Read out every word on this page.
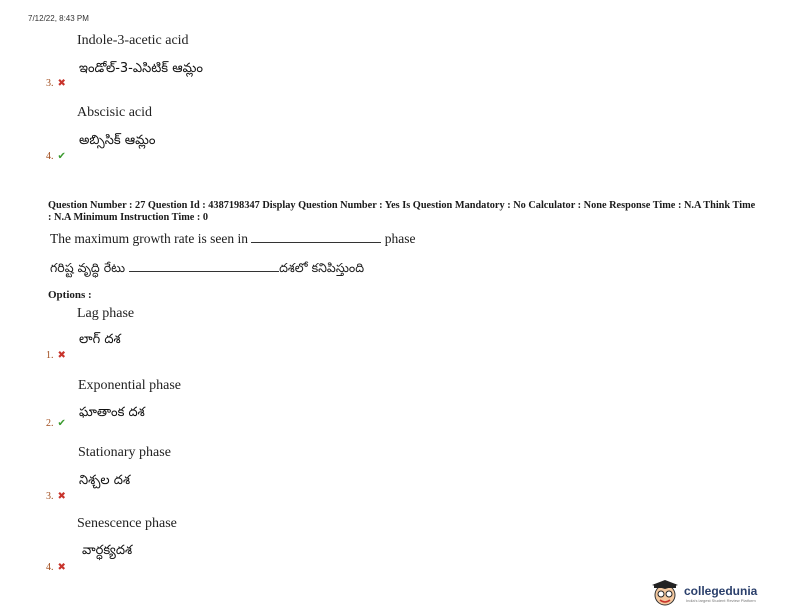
7/12/22, 8:43 PM
Indole-3-acetic acid
ఇండోల్-3-ఎసిటిక్ ఆమ్లం
3. ✖
Abscisic acid
అబ్సిసిక్ ఆమ్లం
4. ✔
Question Number : 27 Question Id : 4387198347 Display Question Number : Yes Is Question Mandatory : No Calculator : None Response Time : N.A Think Time : N.A Minimum Instruction Time : 0
The maximum growth rate is seen in	phase
గరిష్ట వృద్ధి రేటు	దశలో కనిపిస్తుంది
Options :
Lag phase
లాగ్ దశ
1. ✖
Exponential phase
ఘాతాంక దశ
2. ✔
Stationary phase
నిశ్చల దశ
3. ✖
Senescence phase
వార్ధక్యదశ
4. ✖
collegedunia
India's largest Student Review Platform
